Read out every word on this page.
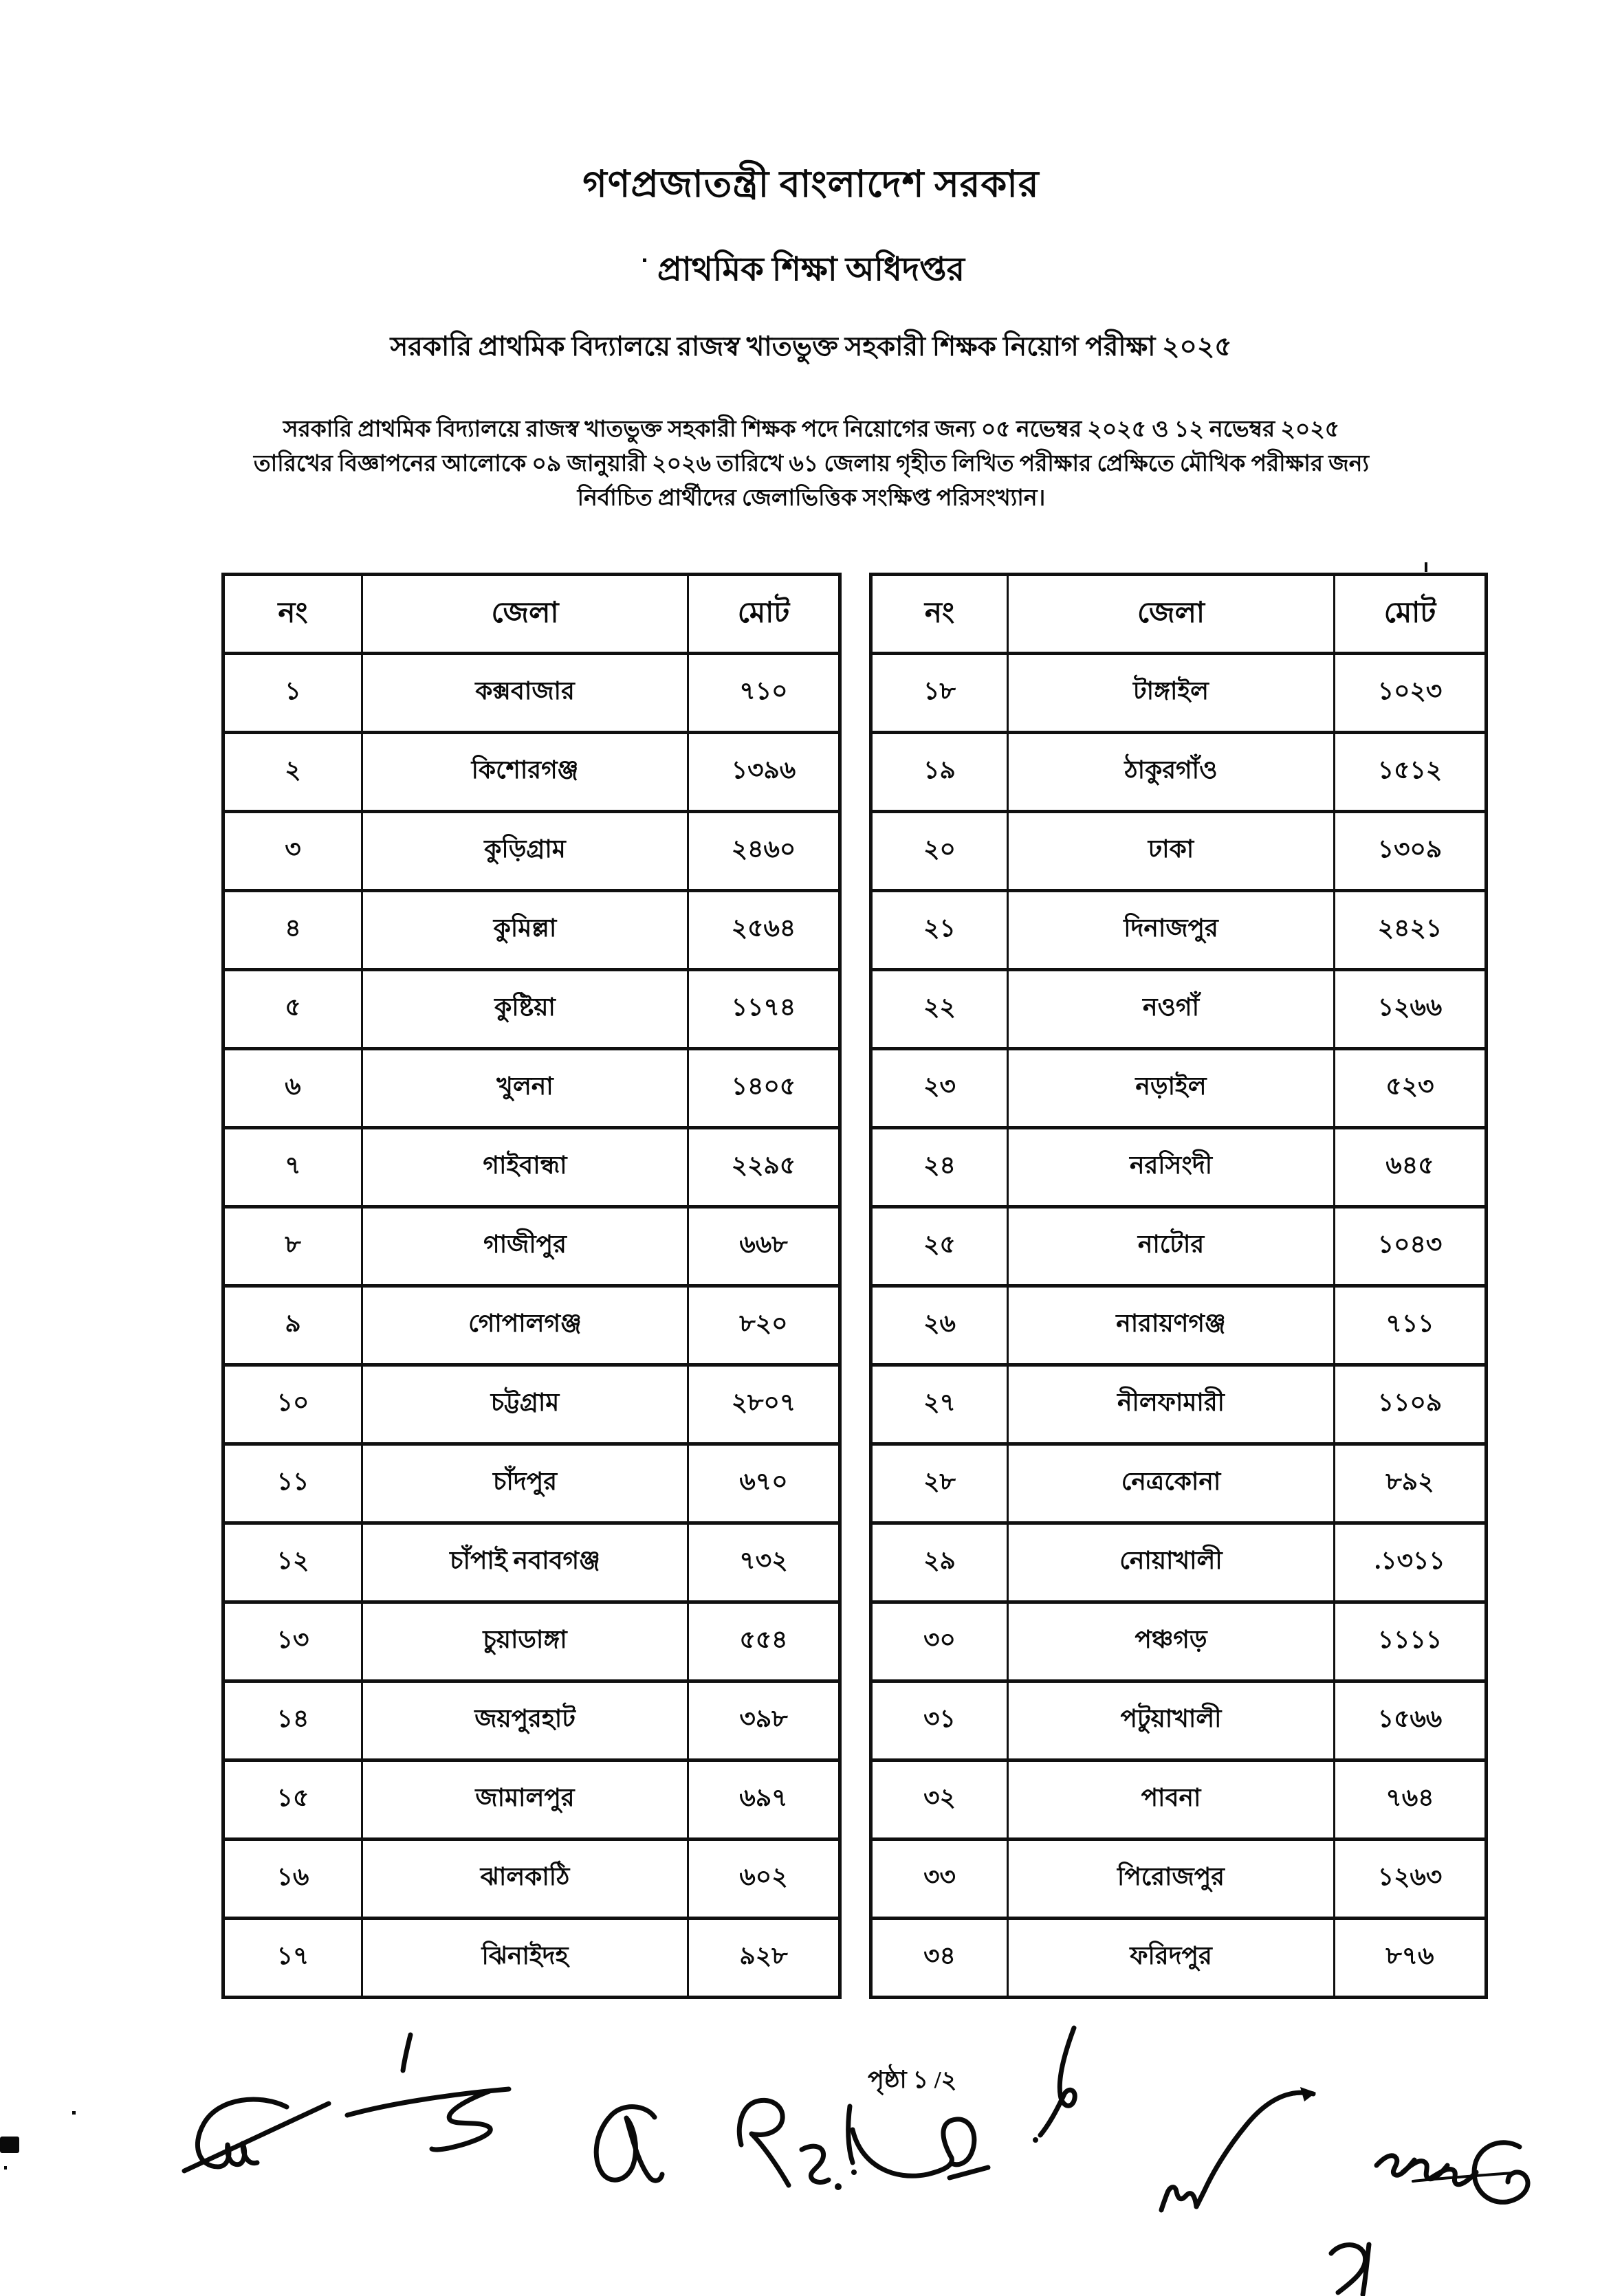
গণপ্রজাতন্ত্রী বাংলাদেশ সরকার
প্রাথমিক শিক্ষা অধিদপ্তর
সরকারি প্রাথমিক বিদ্যালয়ে রাজস্ব খাতভুক্ত সহকারী শিক্ষক নিয়োগ পরীক্ষা ২০২৫
সরকারি প্রাথমিক বিদ্যালয়ে রাজস্ব খাতভুক্ত সহকারী শিক্ষক পদে নিয়োগের জন্য ০৫ নভেম্বর ২০২৫ ও ১২ নভেম্বর ২০২৫
তারিখের বিজ্ঞাপনের আলোকে ০৯ জানুয়ারী ২০২৬ তারিখে ৬১ জেলায় গৃহীত লিখিত পরীক্ষার প্রেক্ষিতে মৌখিক পরীক্ষার জন্য
নির্বাচিত প্রার্থীদের জেলাভিত্তিক সংক্ষিপ্ত পরিসংখ্যান।
নং	জেলা	মোট
১	কক্সবাজার	৭১০
২	কিশোরগঞ্জ	১৩৯৬
৩	কুড়িগ্রাম	২৪৬০
৪	কুমিল্লা	২৫৬৪
৫	কুষ্টিয়া	১১৭৪
৬	খুলনা	১৪০৫
৭	গাইবান্ধা	২২৯৫
৮	গাজীপুর	৬৬৮
৯	গোপালগঞ্জ	৮২০
১০	চট্টগ্রাম	২৮০৭
১১	চাঁদপুর	৬৭০
১২	চাঁপাই নবাবগঞ্জ	৭৩২
১৩	চুয়াডাঙ্গা	৫৫৪
১৪	জয়পুরহাট	৩৯৮
১৫	জামালপুর	৬৯৭
১৬	ঝালকাঠি	৬০২
১৭	ঝিনাইদহ	৯২৮
নং	জেলা	মোট
১৮	টাঙ্গাইল	১০২৩
১৯	ঠাকুরগাঁও	১৫১২
২০	ঢাকা	১৩০৯
২১	দিনাজপুর	২৪২১
২২	নওগাঁ	১২৬৬
২৩	নড়াইল	৫২৩
২৪	নরসিংদী	৬৪৫
২৫	নাটোর	১০৪৩
২৬	নারায়ণগঞ্জ	৭১১
২৭	নীলফামারী	১১০৯
২৮	নেত্রকোনা	৮৯২
২৯	নোয়াখালী	.১৩১১
৩০	পঞ্চগড়	১১১১
৩১	পটুয়াখালী	১৫৬৬
৩২	পাবনা	৭৬৪
৩৩	পিরোজপুর	১২৬৩
৩৪	ফরিদপুর	৮৭৬
পৃষ্ঠা ১ /২
